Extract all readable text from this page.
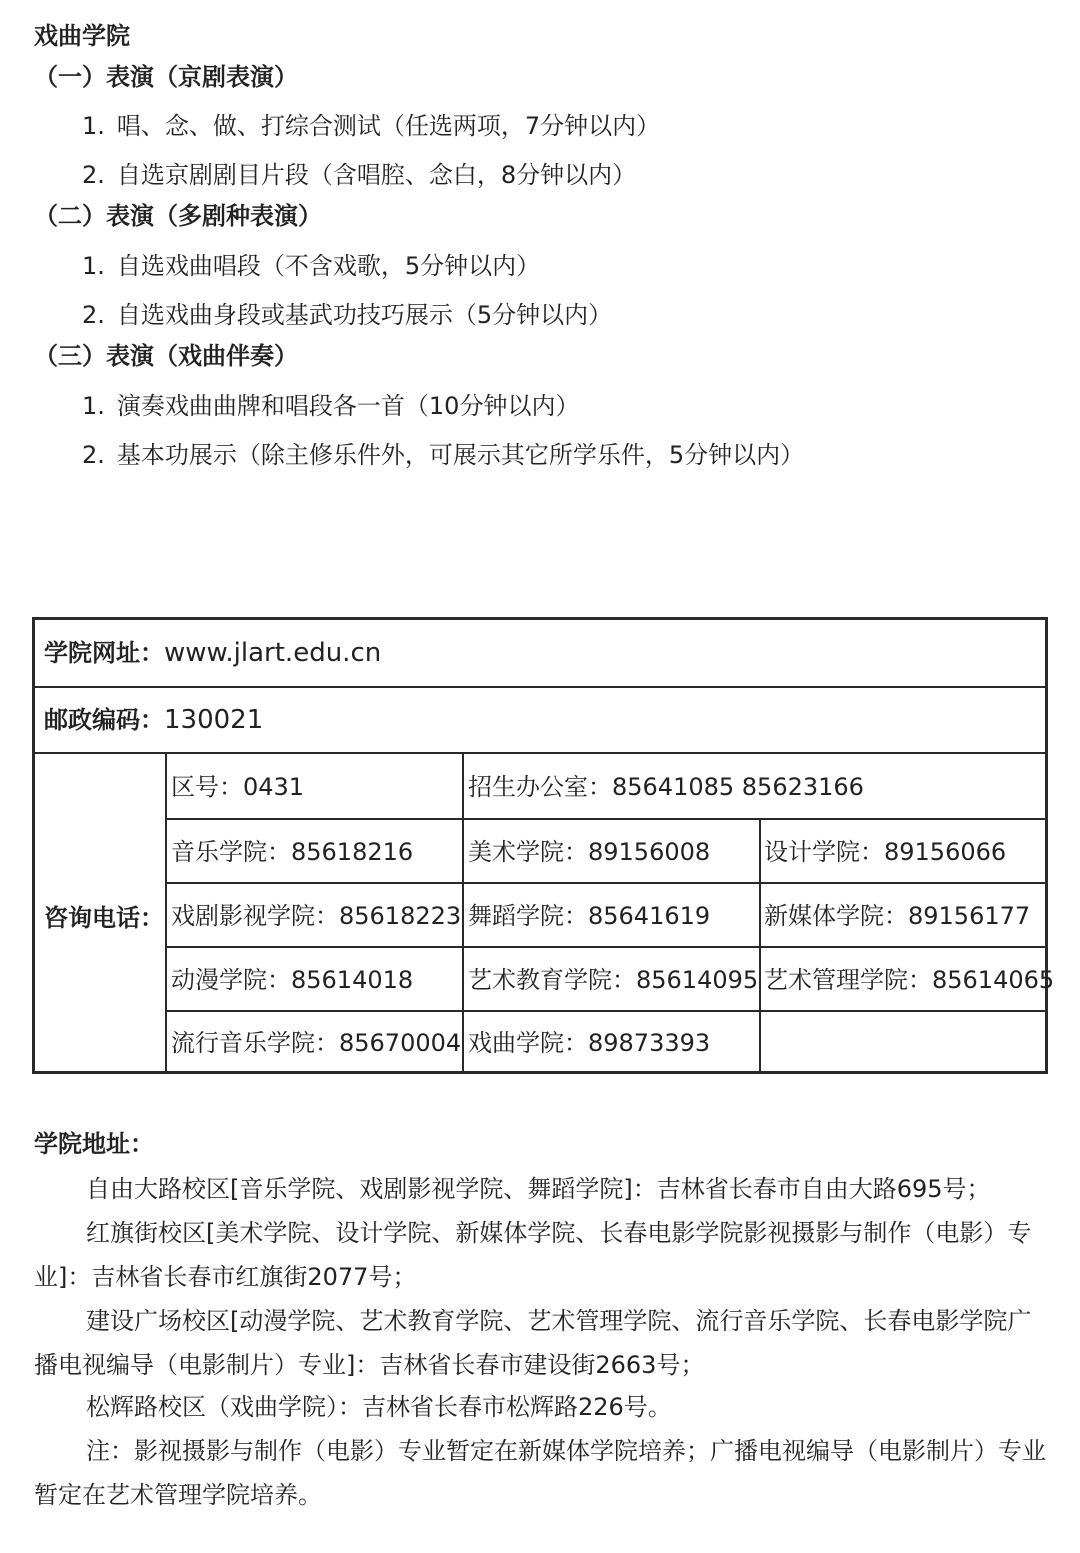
戏曲学院
（一）表演（京剧表演）
1. 唱、念、做、打综合测试（任选两项，7分钟以内）
2. 自选京剧剧目片段（含唱腔、念白，8分钟以内）
（二）表演（多剧种表演）
1. 自选戏曲唱段（不含戏歌，5分钟以内）
2. 自选戏曲身段或基武功技巧展示（5分钟以内）
（三）表演（戏曲伴奏）
1. 演奏戏曲曲牌和唱段各一首（10分钟以内）
2. 基本功展示（除主修乐件外，可展示其它所学乐件，5分钟以内）
学院网址：www.jlart.edu.cn
邮政编码：130021
咨询电话：
区号：0431	招生办公室：85641085 85623166
音乐学院：85618216 美术学院：89156008 设计学院：89156066
戏剧影视学院：85618223 舞蹈学院：85641619 新媒体学院：89156177
动漫学院：85614018 艺术教育学院：85614095 艺术管理学院：85614065
流行音乐学院：85670004 戏曲学院：89873393
学院地址：

自由大路校区[音乐学院、戏剧影视学院、舞蹈学院]：吉林省长春市自由大路695号；

红旗街校区[美术学院、设计学院、新媒体学院、长春电影学院影视摄影与制作（电影）专业]：吉林省长春市红旗街2077号；

建设广场校区[动漫学院、艺术教育学院、艺术管理学院、流行音乐学院、长春电影学院广播电视编导（电影制片）专业]：吉林省长春市建设街2663号；

松辉路校区（戏曲学院）：吉林省长春市松辉路226号。

注：影视摄影与制作（电影）专业暂定在新媒体学院培养；广播电视编导（电影制片）专业暂定在艺术管理学院培养。
